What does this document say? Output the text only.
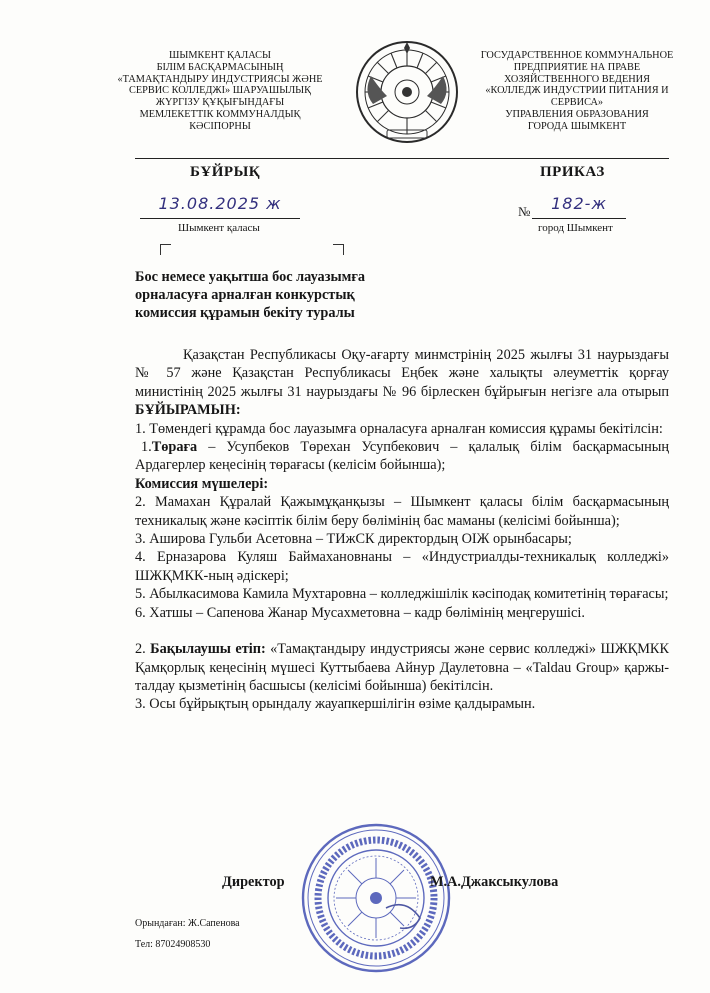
ШЫМКЕНТ ҚАЛАСЫ
БІЛІМ БАСҚАРМАСЫНЫҢ
«ТАМАҚТАНДЫРУ ИНДУСТРИЯСЫ ЖӘНЕ
СЕРВИС КОЛЛЕДЖІ» ШАРУАШЫЛЫҚ
ЖҮРГІЗУ ҚҰҚЫҒЫНДАҒЫ
МЕМЛЕКЕТТІК КОММУНАЛДЫҚ
КӘСІПОРНЫ
ГОСУДАРСТВЕННОЕ КОММУНАЛЬНОЕ
ПРЕДПРИЯТИЕ НА ПРАВЕ
ХОЗЯЙСТВЕННОГО ВЕДЕНИЯ
«КОЛЛЕДЖ ИНДУСТРИИ ПИТАНИЯ И
СЕРВИСА»
УПРАВЛЕНИЯ ОБРАЗОВАНИЯ
ГОРОДА ШЫМКЕНТ
БҰЙРЫҚ	ПРИКАЗ
13.08.2025 ж
Шымкент қаласы
№	182-ж
город Шымкент
Бос немесе уақытша бос лауазымға
орналасуға арналған конкурстық
комиссия құрамын бекіту туралы

Қазақстан Республикасы Оқу-ағарту минмстрінің 2025 жылғы 31 наурыздағы № 57 және Қазақстан Республикасы Еңбек және халықты әлеуметтік қорғау министінің 2025 жылғы 31 наурыздағы № 96 бірлескен бұйрығын негізге ала отырып БҰЙЫРАМЫН:

1. Төмендегі құрамда бос лауазымға орналасуға арналған комиссия құрамы бекітілсін:

1.Төраға – Усупбеков Төрехан Усупбекович – қалалық білім басқармасының Ардагерлер кеңесінің төрағасы (келісім бойынша);

Комиссия мүшелері:

2. Мамахан Құралай Қажымұқанқызы – Шымкент қаласы білім басқармасының техникалық және кәсіптік білім беру бөлімінің бас маманы (келісімі бойынша);

3. Аширова Гульби Асетовна – ТИжСК директордың ОІЖ орынбасары;

4. Ерназарова Куляш Баймахановнаны – «Индустриалды-техникалық колледжі» ШЖҚМКК-ның әдіскері;

5. Абылкасимова Камила Мухтаровна – колледжішілік кәсіподақ комитетінің төрағасы;

6. Хатшы – Сапенова Жанар Мусахметовна – кадр бөлімінің меңгерушісі.

2. Бақылаушы етіп: «Тамақтандыру индустриясы және сервис колледжі» ШЖҚМКК Қамқорлық кеңесінің мүшесі Куттыбаева Айнур Даулетовна – «Taldau Group» қаржы-талдау қызметінің басшысы (келісімі бойынша) бекітілсін.

3. Осы бұйрықтың орындалу жауапкершілігін өзіме қалдырамын.

Директор	М.А.Джаксыкулова
Орындаған: Ж.Сапенова
Тел: 87024908530
